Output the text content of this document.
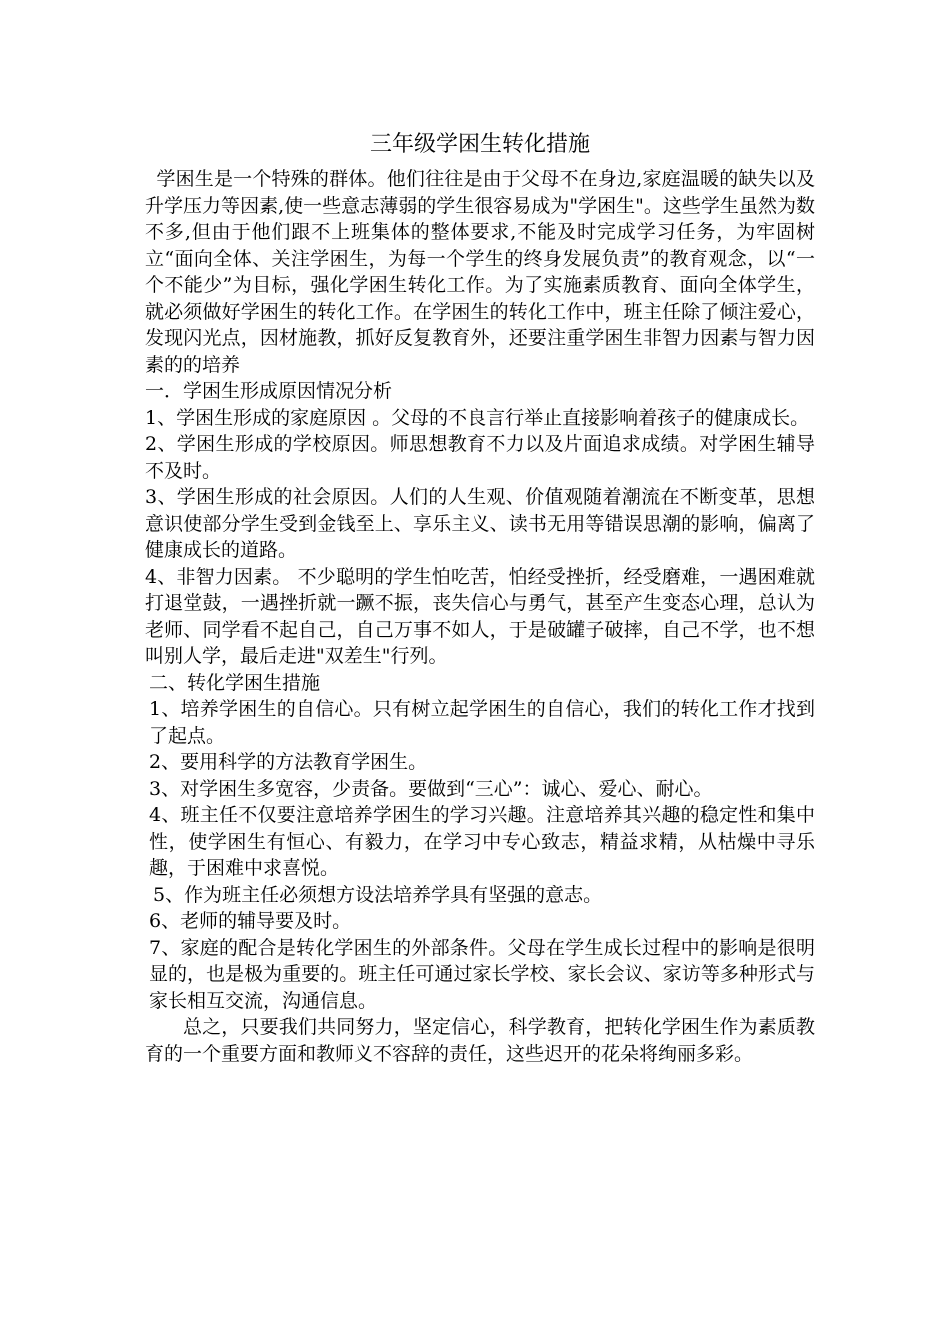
三年级学困生转化措施

学困生是一个特殊的群体。他们往往是由于父母不在身边,家庭温暖的缺失以及升学压力等因素,使一些意志薄弱的学生很容易成为"学困生"。这些学生虽然为数不多,但由于他们跟不上班集体的整体要求,不能及时完成学习任务，为牢固树立“面向全体、关注学困生，为每一个学生的终身发展负责”的教育观念，以“一个不能少”为目标，强化学困生转化工作。为了实施素质教育、面向全体学生，就必须做好学困生的转化工作。在学困生的转化工作中，班主任除了倾注爱心，发现闪光点，因材施教，抓好反复教育外，还要注重学困生非智力因素与智力因素的的培养

一．学困生形成原因情况分析

1、学困生形成的家庭原因 。父母的不良言行举止直接影响着孩子的健康成长。

2、学困生形成的学校原因。师思想教育不力以及片面追求成绩。对学困生辅导不及时。

3、学困生形成的社会原因。人们的人生观、价值观随着潮流在不断变革，思想意识使部分学生受到金钱至上、享乐主义、读书无用等错误思潮的影响，偏离了健康成长的道路。

4、非智力因素。 不少聪明的学生怕吃苦，怕经受挫折，经受磨难，一遇困难就打退堂鼓，一遇挫折就一蹶不振，丧失信心与勇气，甚至产生变态心理，总认为老师、同学看不起自己，自己万事不如人，于是破罐子破摔，自己不学，也不想叫别人学，最后走进"双差生"行列。

二、转化学困生措施

1、培养学困生的自信心。只有树立起学困生的自信心，我们的转化工作才找到了起点。

2、要用科学的方法教育学困生。

3、对学困生多宽容，少责备。要做到“三心”：诚心、爱心、耐心。

4、班主任不仅要注意培养学困生的学习兴趣。注意培养其兴趣的稳定性和集中性，使学困生有恒心、有毅力，在学习中专心致志，精益求精，从枯燥中寻乐趣，于困难中求喜悦。

5、作为班主任必须想方设法培养学具有坚强的意志。

6、老师的辅导要及时。

7、家庭的配合是转化学困生的外部条件。父母在学生成长过程中的影响是很明显的，也是极为重要的。班主任可通过家长学校、家长会议、家访等多种形式与家长相互交流，沟通信息。

总之，只要我们共同努力，坚定信心，科学教育，把转化学困生作为素质教育的一个重要方面和教师义不容辞的责任，这些迟开的花朵将绚丽多彩。
